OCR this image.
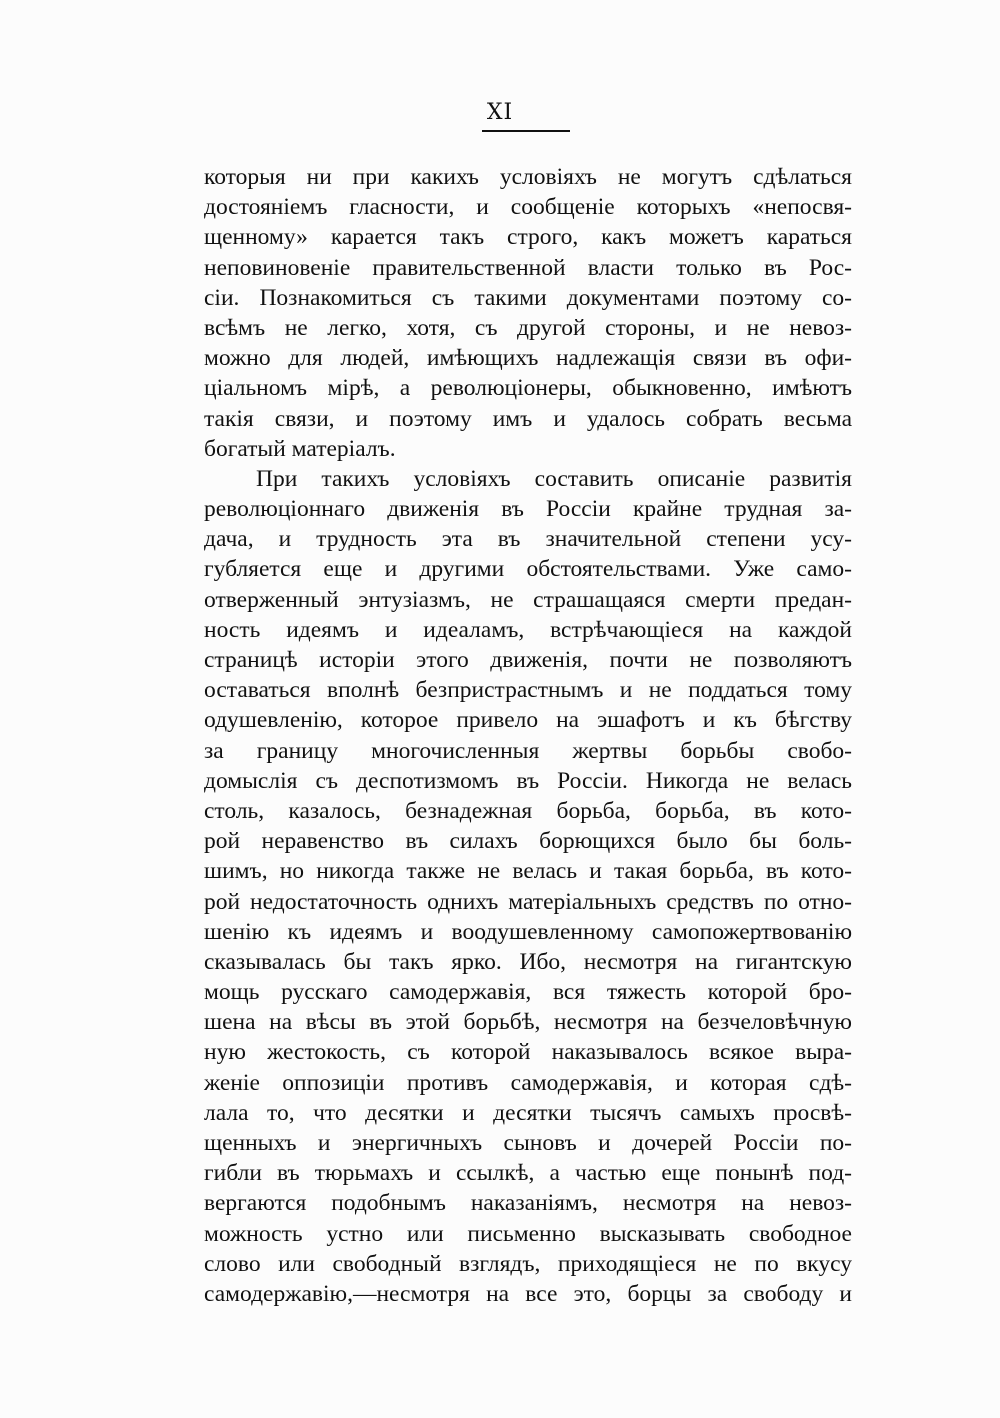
XI
которыя ни при какихъ условіяхъ не могутъ сдѣлаться
достояніемъ гласности, и сообщеніе которыхъ «непосвя-
щенному» карается такъ строго, какъ можетъ караться
неповиновеніе правительственной власти только въ Рос-
сіи. Познакомиться съ такими документами поэтому со-
всѣмъ не легко, хотя, съ другой стороны, и не невоз-
можно для людей, имѣющихъ надлежащія связи въ офи-
ціальномъ мірѣ, а революціонеры, обыкновенно, имѣютъ
такія связи, и поэтому имъ и удалось собрать весьма
богатый матеріалъ.
При такихъ условіяхъ составить описаніе развитія
революціоннаго движенія въ Россіи крайне трудная за-
дача, и трудность эта въ значительной степени усу-
губляется еще и другими обстоятельствами. Уже само-
отверженный энтузіазмъ, не страшащаяся смерти предан-
ность идеямъ и идеаламъ, встрѣчающіеся на каждой
страницѣ исторіи этого движенія, почти не позволяютъ
оставаться вполнѣ безпристрастнымъ и не поддаться тому
одушевленію, которое привело на эшафотъ и къ бѣгству
за границу многочисленныя жертвы борьбы свобо-
домыслія съ деспотизмомъ въ Россіи. Никогда не велась
столь, казалось, безнадежная борьба, борьба, въ кото-
рой неравенство въ силахъ борющихся было бы боль-
шимъ, но никогда также не велась и такая борьба, въ кото-
рой недостаточность однихъ матеріальныхъ средствъ по отно-
шенію къ идеямъ и воодушевленному самопожертвованію
сказывалась бы такъ ярко. Ибо, несмотря на гигантскую
мощь русскаго самодержавія, вся тяжесть которой бро-
шена на вѣсы въ этой борьбѣ, несмотря на безчеловѣчную
ную жестокость, съ которой наказывалось всякое выра-
женіе оппозиціи противъ самодержавія, и которая сдѣ-
лала то, что десятки и десятки тысячъ самыхъ просвѣ-
щенныхъ и энергичныхъ сыновъ и дочерей Россіи по-
гибли въ тюрьмахъ и ссылкѣ, а частью еще понынѣ под-
вергаются подобнымъ наказаніямъ, несмотря на невоз-
можность устно или письменно высказывать свободное
слово или свободный взглядъ, приходящіеся не по вкусу
самодержавію,—несмотря на все это, борцы за свободу и
